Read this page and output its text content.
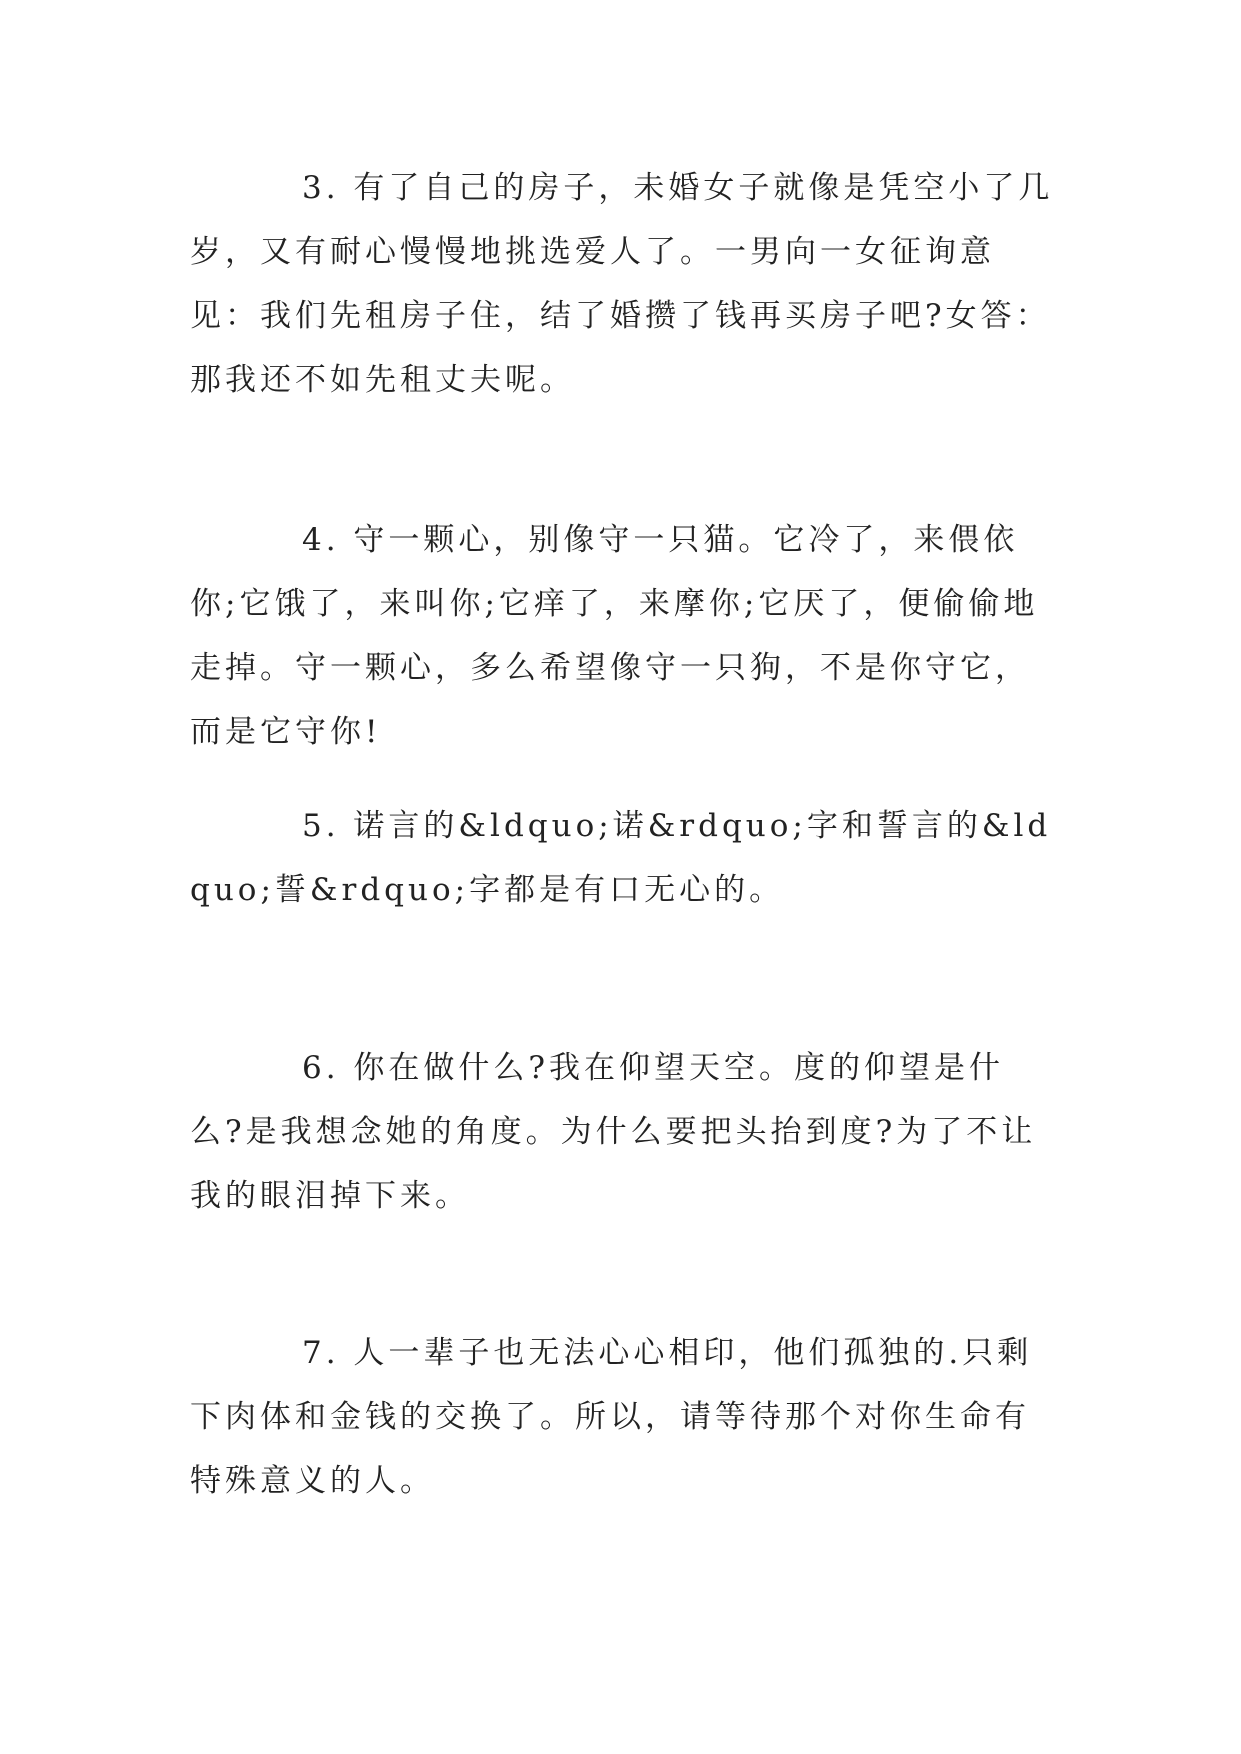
3. 有了自己的房子，未婚女子就像是凭空小了几岁，又有耐心慢慢地挑选爱人了。一男向一女征询意见：我们先租房子住，结了婚攒了钱再买房子吧?女答：那我还不如先租丈夫呢。

4. 守一颗心，别像守一只猫。它冷了，来偎依你;它饿了，来叫你;它痒了，来摩你;它厌了，便偷偷地走掉。守一颗心，多么希望像守一只狗，不是你守它，而是它守你!

5. 诺言的&ldquo;诺&rdquo;字和誓言的&ldquo;誓&rdquo;字都是有口无心的。

6. 你在做什么?我在仰望天空。度的仰望是什么?是我想念她的角度。为什么要把头抬到度?为了不让我的眼泪掉下来。

7. 人一辈子也无法心心相印，他们孤独的.只剩下肉体和金钱的交换了。所以，请等待那个对你生命有特殊意义的人。
